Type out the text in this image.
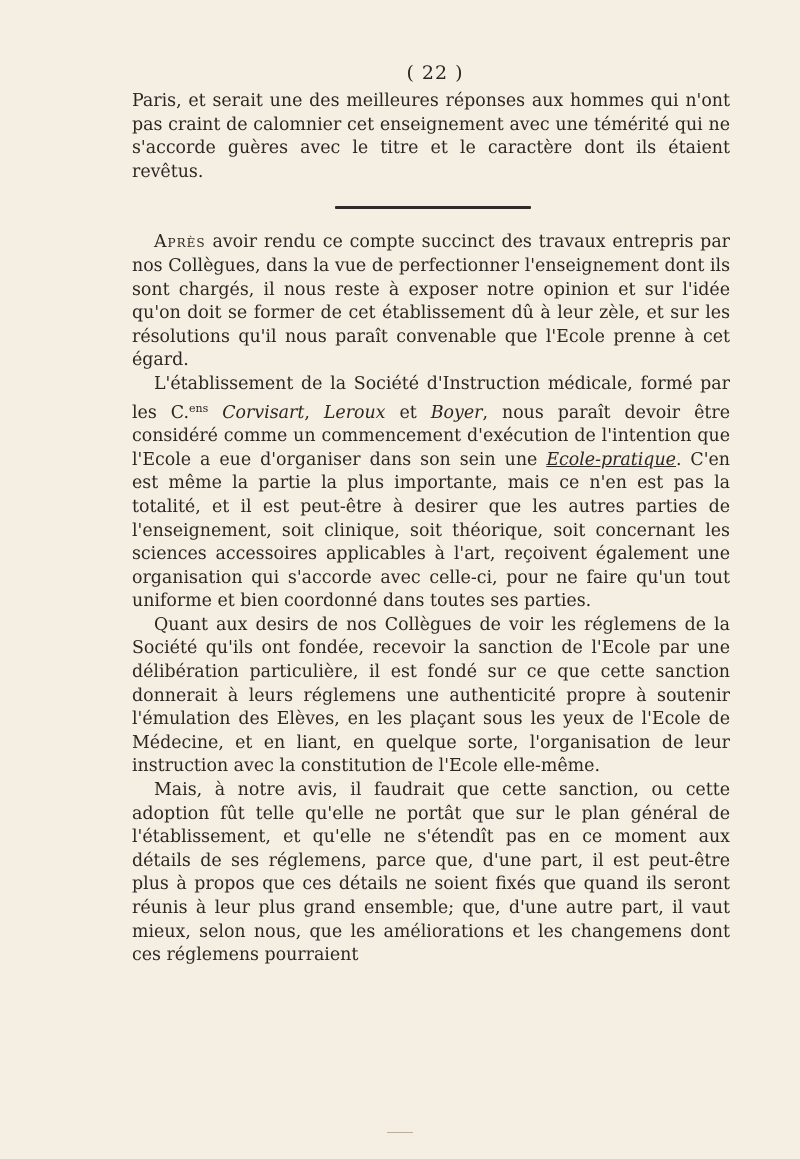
( 22 )

Paris, et serait une des meilleures réponses aux hommes qui n'ont pas craint de calomnier cet enseignement avec une témérité qui ne s'accorde guères avec le titre et le caractère dont ils étaient revêtus.

Après avoir rendu ce compte succinct des travaux entrepris par nos Collègues, dans la vue de perfectionner l'enseignement dont ils sont chargés, il nous reste à exposer notre opinion et sur l'idée qu'on doit se former de cet établissement dû à leur zèle, et sur les résolutions qu'il nous paraît convenable que l'Ecole prenne à cet égard.

L'établissement de la Société d'Instruction médicale, formé par les C.$^{ens}$ Corvisart, Leroux et Boyer, nous paraît devoir être considéré comme un commencement d'exécution de l'intention que l'Ecole a eue d'organiser dans son sein une Ecole-pratique. C'en est même la partie la plus importante, mais ce n'en est pas la totalité, et il est peut-être à desirer que les autres parties de l'enseignement, soit clinique, soit théorique, soit concernant les sciences accessoires applicables à l'art, reçoivent également une organisation qui s'accorde avec celle-ci, pour ne faire qu'un tout uniforme et bien coordonné dans toutes ses parties.

Quant aux desirs de nos Collègues de voir les réglemens de la Société qu'ils ont fondée, recevoir la sanction de l'Ecole par une délibération particulière, il est fondé sur ce que cette sanction donnerait à leurs réglemens une authenticité propre à soutenir l'émulation des Elèves, en les plaçant sous les yeux de l'Ecole de Médecine, et en liant, en quelque sorte, l'organisation de leur instruction avec la constitution de l'Ecole elle-même.

Mais, à notre avis, il faudrait que cette sanction, ou cette adoption fût telle qu'elle ne portât que sur le plan général de l'établissement, et qu'elle ne s'étendît pas en ce moment aux détails de ses réglemens, parce que, d'une part, il est peut-être plus à propos que ces détails ne soient fixés que quand ils seront réunis à leur plus grand ensemble; que, d'une autre part, il vaut mieux, selon nous, que les améliorations et les changemens dont ces réglemens pourraient
